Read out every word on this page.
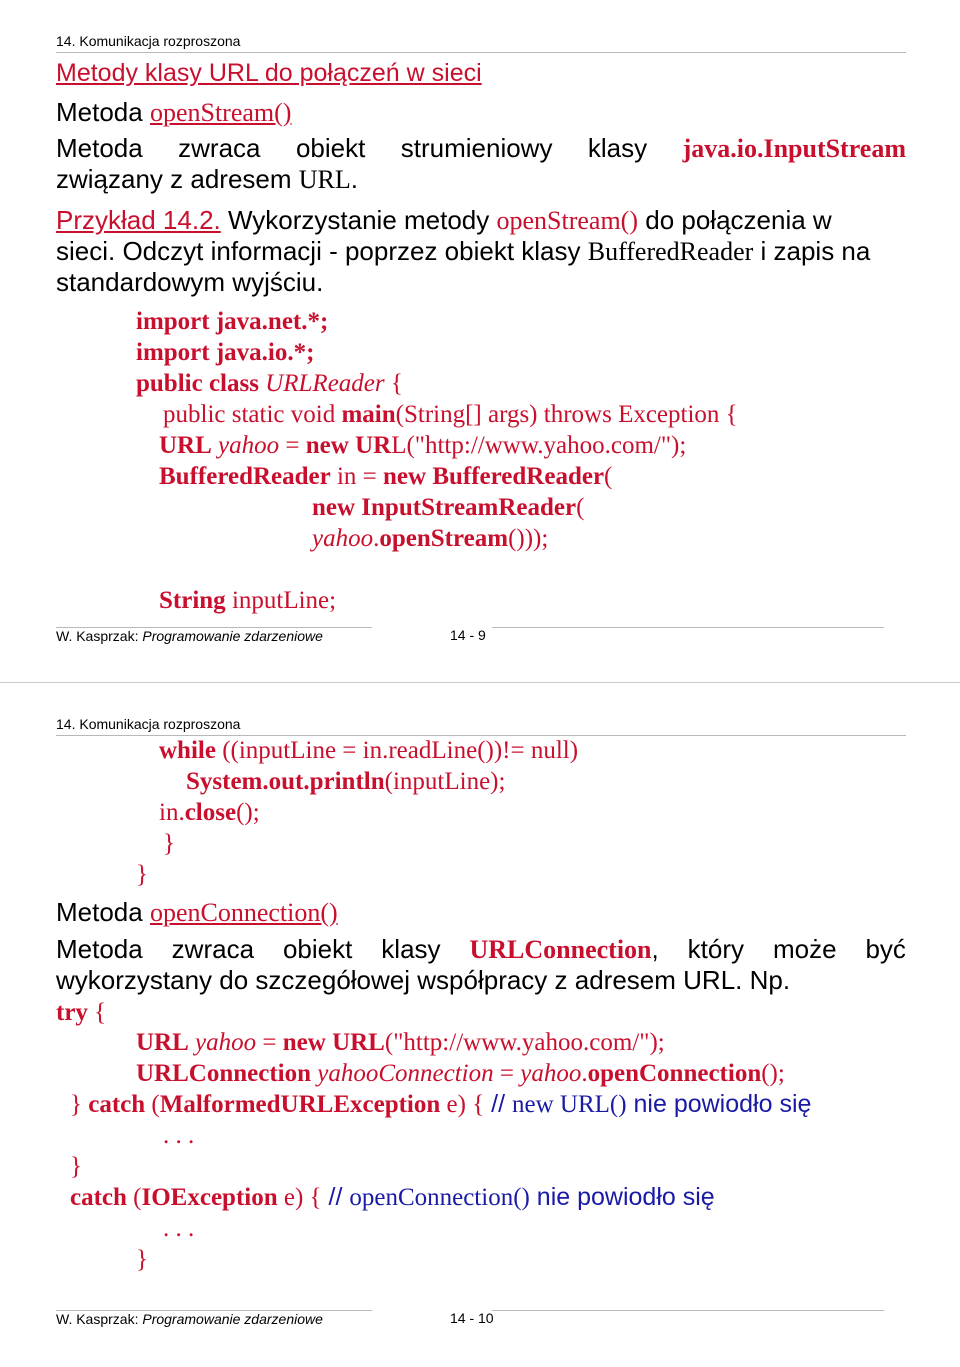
14. Komunikacja rozproszona
Metody klasy URL do połączeń w sieci
Metoda openStream()
Metoda zwraca obiekt strumieniowy klasy java.io.InputStream
związany z adresem URL.
Przykład 14.2. Wykorzystanie metody openStream() do połączenia w
sieci. Odczyt informacji - poprzez obiekt klasy BufferedReader i zapis na
standardowym wyjściu.
import java.net.*;
import java.io.*;
public class URLReader {
public static void main(String[] args) throws Exception {
URL yahoo = new URL("http://www.yahoo.com/");
BufferedReader in = new BufferedReader(
new InputStreamReader(
yahoo.openStream()));
String inputLine;
W. Kasprzak: Programowanie zdarzeniowe	14 - 9
14. Komunikacja rozproszona
while ((inputLine = in.readLine())!= null)
System.out.println(inputLine);
in.close();
}
}
Metoda openConnection()
Metoda zwraca obiekt klasy URLConnection, który może być
wykorzystany do szczegółowej współpracy z adresem URL. Np.
try {
URL yahoo = new URL("http://www.yahoo.com/");
URLConnection yahooConnection = yahoo.openConnection();
} catch (MalformedURLException e) { // new URL() nie powiodło się
. . .
}
catch (IOException e) { // openConnection() nie powiodło się
. . .
}
W. Kasprzak: Programowanie zdarzeniowe	14 - 10
